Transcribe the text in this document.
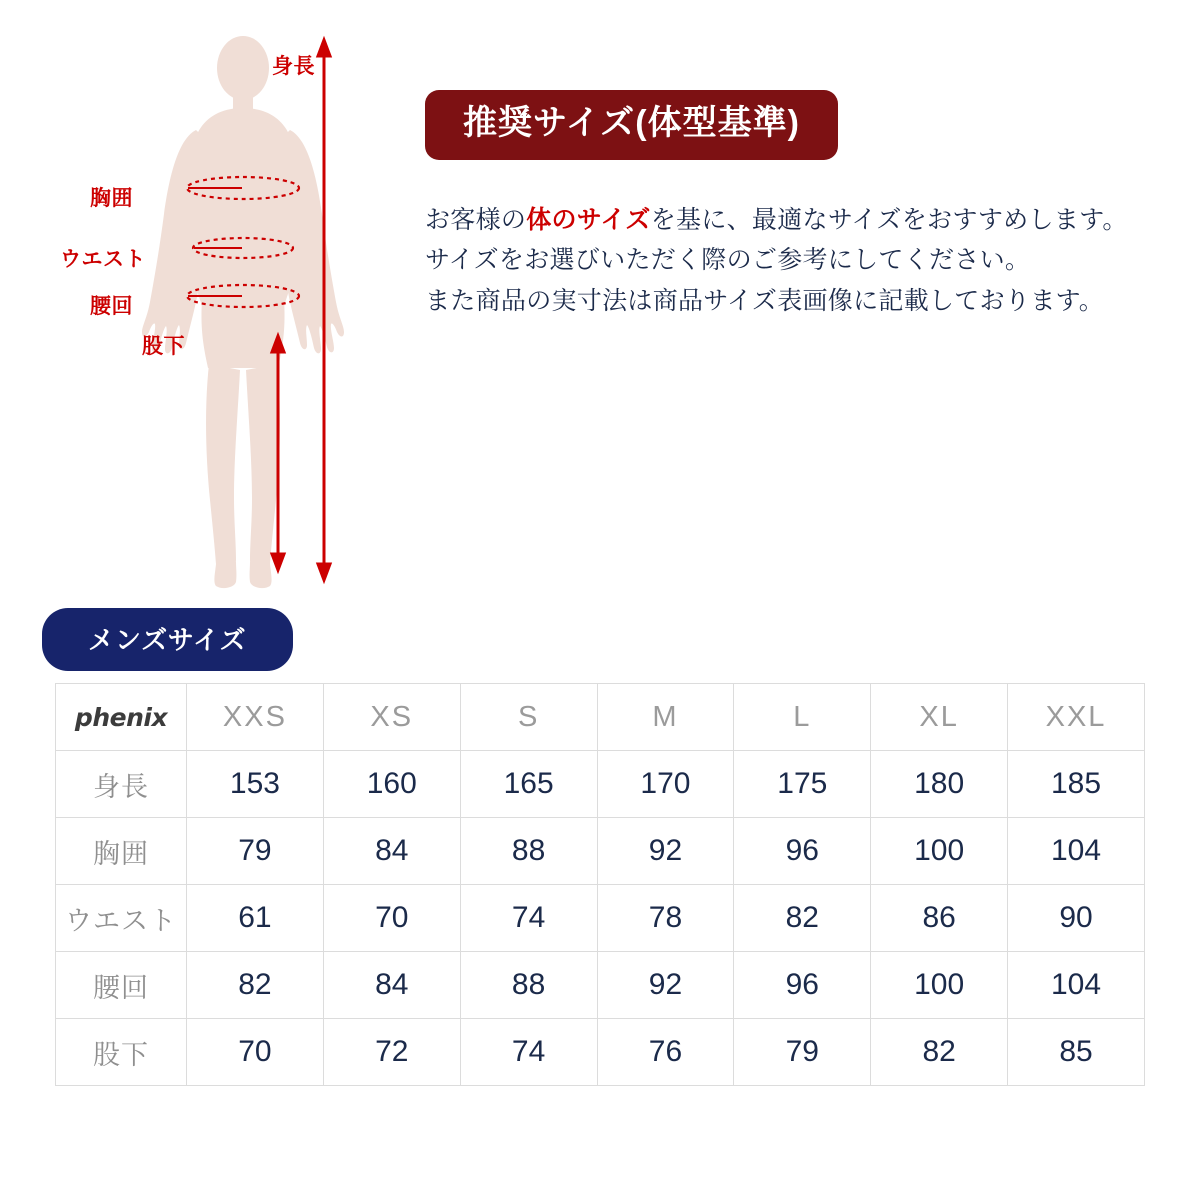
身長
胸囲
ウエスト
腰回
股下
推奨サイズ(体型基準)
お客様の体のサイズを基に、最適なサイズをおすすめします。
サイズをお選びいただく際のご参考にしてください。
また商品の実寸法は商品サイズ表画像に記載しております。
メンズサイズ
phenix	XXS	XS	S	M	L	XL	XXL
身長	153	160	165	170	175	180	185
胸囲	79	84	88	92	96	100	104
ウエスト	61	70	74	78	82	86	90
腰回	82	84	88	92	96	100	104
股下	70	72	74	76	79	82	85
